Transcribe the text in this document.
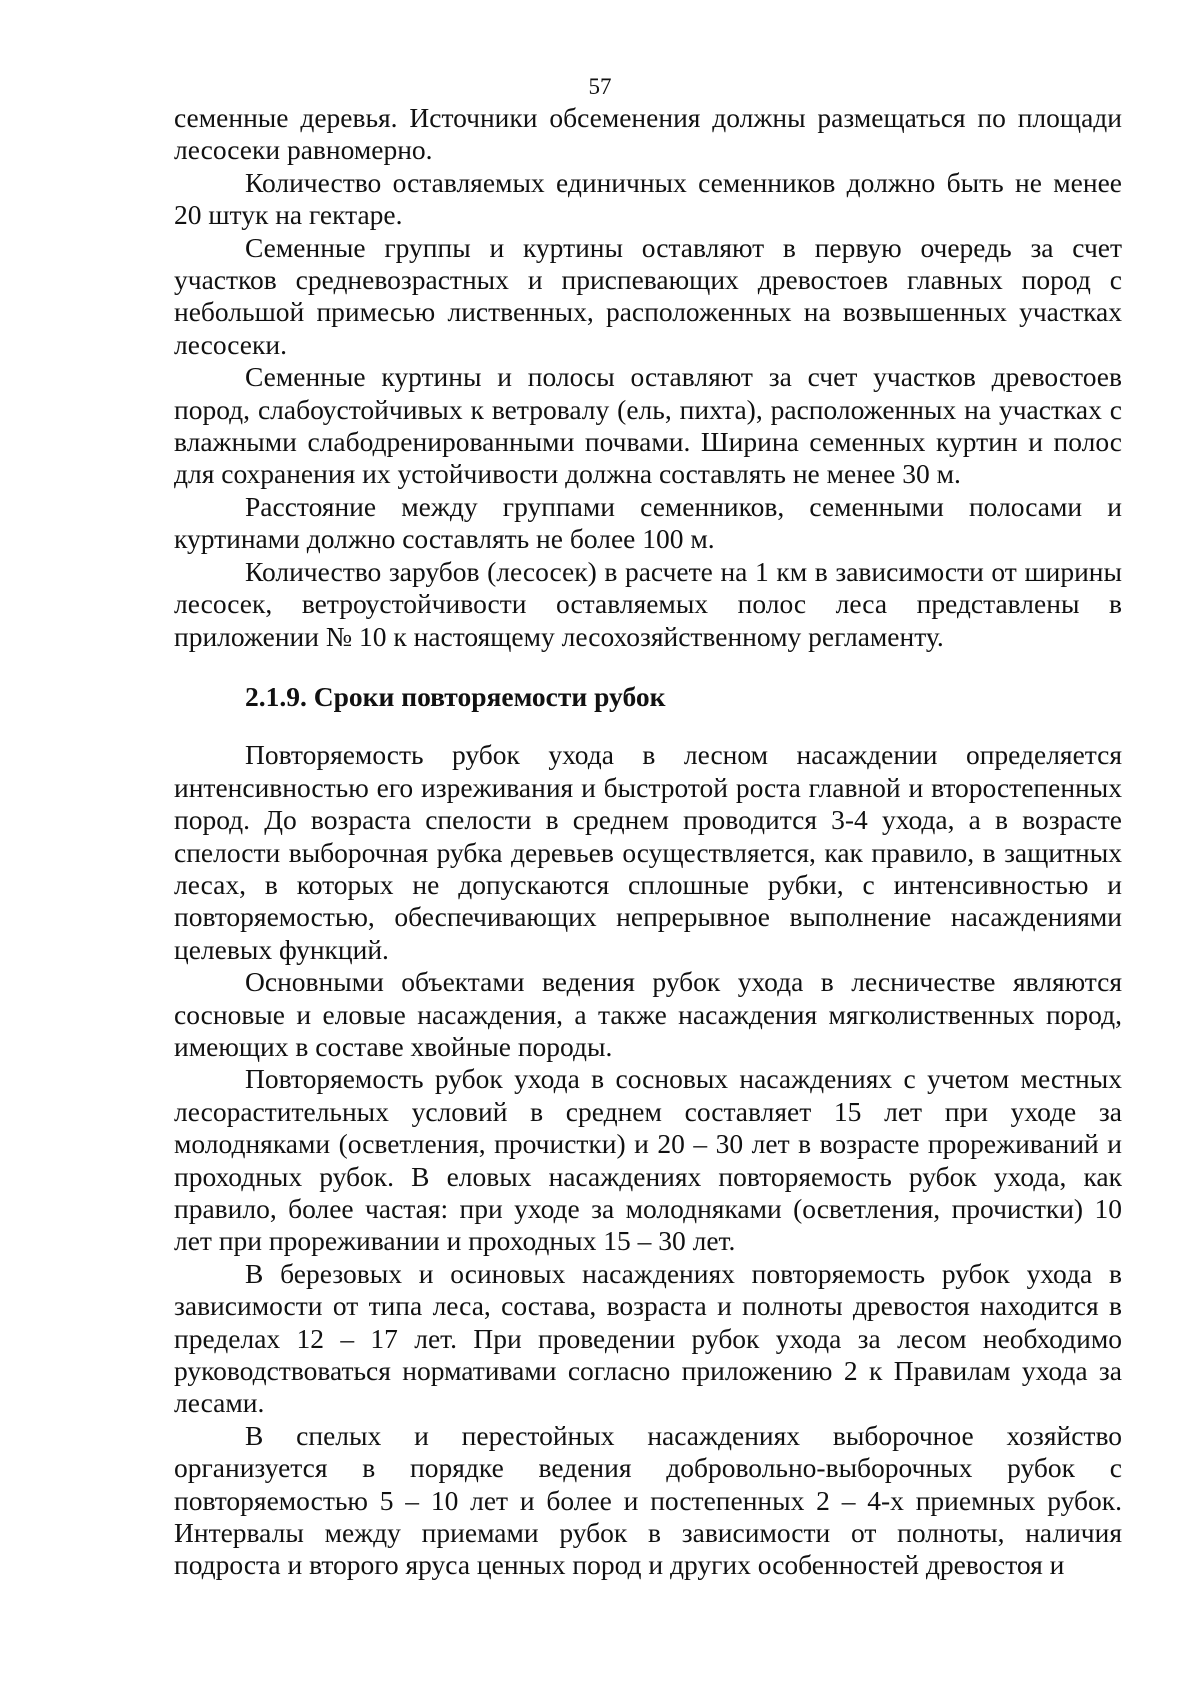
57

семенные деревья. Источники обсеменения должны размещаться по площади лесосеки равномерно.

Количество оставляемых единичных семенников должно быть не менее 20 штук на гектаре.

Семенные группы и куртины оставляют в первую очередь за счет участков средневозрастных и приспевающих древостоев главных пород с небольшой примесью лиственных, расположенных на возвышенных участках лесосеки.

Семенные куртины и полосы оставляют за счет участков древостоев пород, слабоустойчивых к ветровалу (ель, пихта), расположенных на участках с влажными слабодренированными почвами. Ширина семенных куртин и полос для сохранения их устойчивости должна составлять не менее 30 м.

Расстояние между группами семенников, семенными полосами и куртинами должно составлять не более 100 м.

Количество зарубов (лесосек) в расчете на 1 км в зависимости от ширины лесосек, ветроустойчивости оставляемых полос леса представлены в приложении № 10 к настоящему лесохозяйственному регламенту.

2.1.9. Сроки повторяемости рубок

Повторяемость рубок ухода в лесном насаждении определяется интенсивностью его изреживания и быстротой роста главной и второстепенных пород. До возраста спелости в среднем проводится 3-4 ухода, а в возрасте спелости выборочная рубка деревьев осуществляется, как правило, в защитных лесах, в которых не допускаются сплошные рубки, с интенсивностью и повторяемостью, обеспечивающих непрерывное выполнение насаждениями целевых функций.

Основными объектами ведения рубок ухода в лесничестве являются сосновые и еловые насаждения, а также насаждения мягколиственных пород, имеющих в составе хвойные породы.

Повторяемость рубок ухода в сосновых насаждениях с учетом местных лесорастительных условий в среднем составляет 15 лет при уходе за молодняками (осветления, прочистки) и 20 – 30 лет в возрасте прореживаний и проходных рубок. В еловых насаждениях повторяемость рубок ухода, как правило, более частая: при уходе за молодняками (осветления, прочистки) 10 лет при прореживании и проходных 15 – 30 лет.

В березовых и осиновых насаждениях повторяемость рубок ухода в зависимости от типа леса, состава, возраста и полноты древостоя находится в пределах 12 – 17 лет. При проведении рубок ухода за лесом необходимо руководствоваться нормативами согласно приложению 2 к Правилам ухода за лесами.

В спелых и перестойных насаждениях выборочное хозяйство организуется в порядке ведения добровольно-выборочных рубок с повторяемостью 5 – 10 лет и более и постепенных 2 – 4-х приемных рубок. Интервалы между приемами рубок в зависимости от полноты, наличия подроста и второго яруса ценных пород и других особенностей древостоя и
